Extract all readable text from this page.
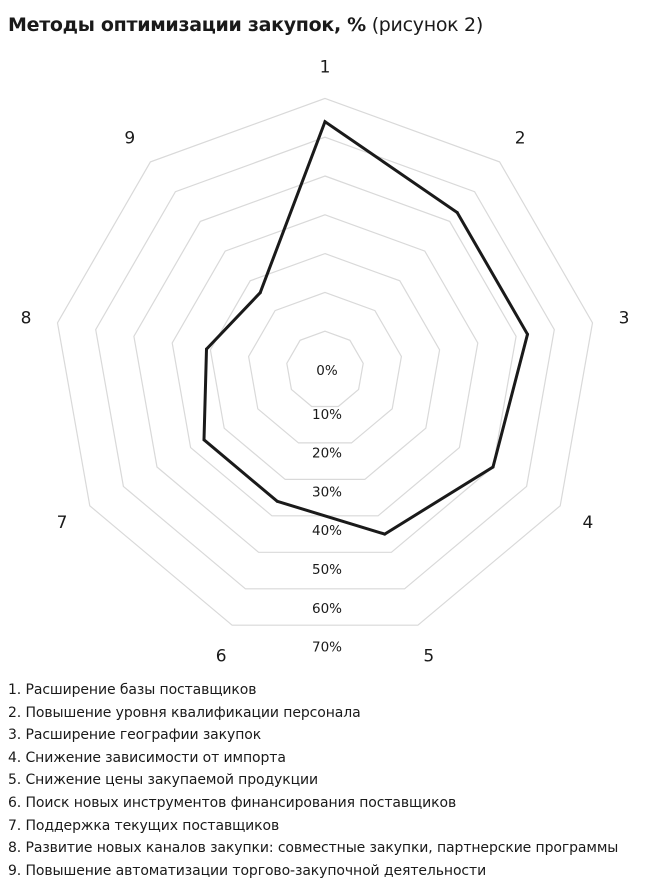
Методы оптимизации закупок, % (рисунок 2)
0%
10%
20%
30%
40%
50%
60%
70%
1
2
3
4
5
6
7
8
9
1. Расширение базы поставщиков
2. Повышение уровня квалификации персонала
3. Расширение географии закупок
4. Снижение зависимости от импорта
5. Снижение цены закупаемой продукции
6. Поиск новых инструментов финансирования поставщиков
7. Поддержка текущих поставщиков
8. Развитие новых каналов закупки: совместные закупки, партнерские программы
9. Повышение автоматизации торгово-закупочной деятельности
